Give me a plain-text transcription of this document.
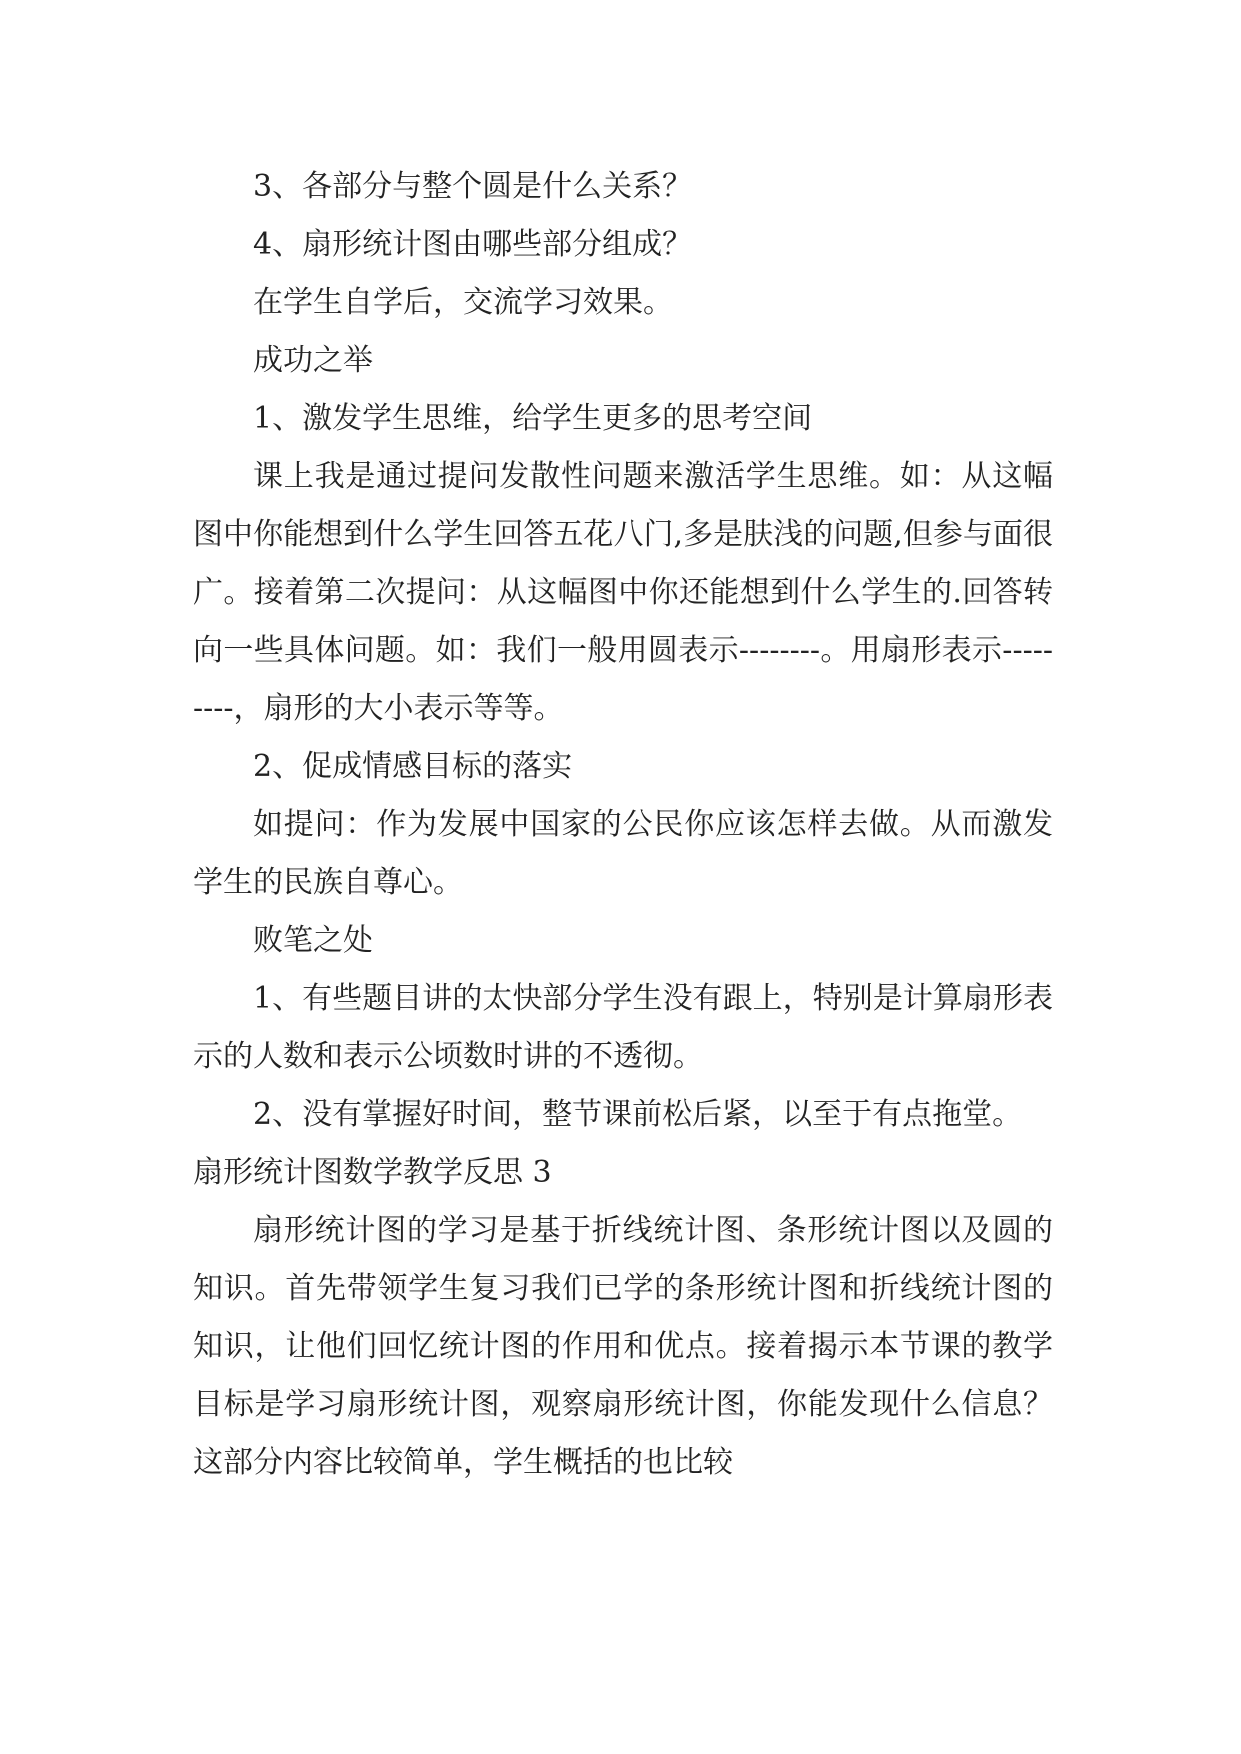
3、各部分与整个圆是什么关系？

4、扇形统计图由哪些部分组成？

在学生自学后，交流学习效果。

成功之举

1、激发学生思维，给学生更多的思考空间

课上我是通过提问发散性问题来激活学生思维。如：从这幅图中你能想到什么学生回答五花八门,多是肤浅的问题,但参与面很广。接着第二次提问：从这幅图中你还能想到什么学生的.回答转向一些具体问题。如：我们一般用圆表示--------。用扇形表示---------，扇形的大小表示等等。

2、促成情感目标的落实

如提问：作为发展中国家的公民你应该怎样去做。从而激发学生的民族自尊心。

败笔之处

1、有些题目讲的太快部分学生没有跟上，特别是计算扇形表示的人数和表示公顷数时讲的不透彻。

2、没有掌握好时间，整节课前松后紧，以至于有点拖堂。

扇形统计图数学教学反思 3

扇形统计图的学习是基于折线统计图、条形统计图以及圆的知识。首先带领学生复习我们已学的条形统计图和折线统计图的知识，让他们回忆统计图的作用和优点。接着揭示本节课的教学目标是学习扇形统计图，观察扇形统计图，你能发现什么信息？这部分内容比较简单，学生概括的也比较
